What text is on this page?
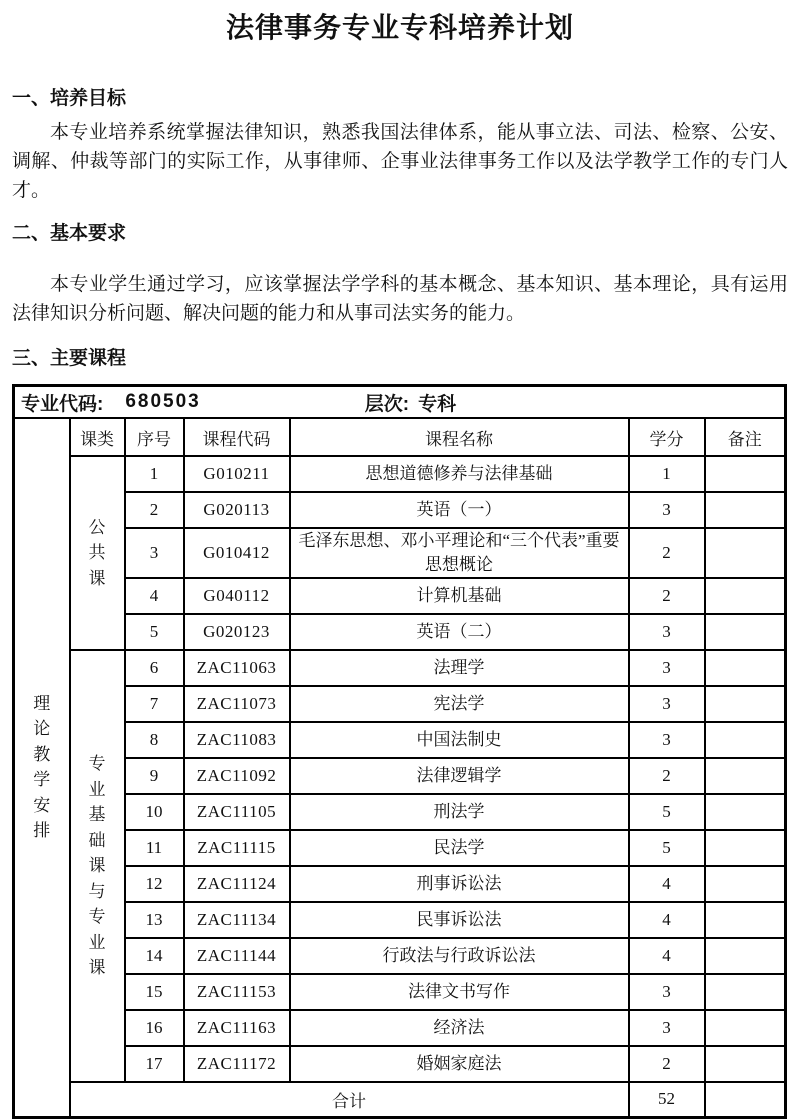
法律事务专业专科培养计划
一、培养目标

本专业培养系统掌握法律知识，熟悉我国法律体系，能从事立法、司法、检察、公安、调解、仲裁等部门的实际工作，从事律师、企事业法律事务工作以及法学教学工作的专门人才。

二、基本要求

本专业学生通过学习，应该掌握法学学科的基本概念、基本知识、基本理论，具有运用法律知识分析问题、解决问题的能力和从事司法实务的能力。

三、主要课程
专业代码: 680503 层次: 专科						

理论教学安排	课类	序号	课程代码	课程名称	学分	备注

	公共课	1	G010211	思想道德修养与法律基础	1	
		2	G020113	英语（一）	3	
		3	G010412	毛泽东思想、邓小平理论和“三个代表”重要思想概论	2	
		4	G040112	计算机基础	2	
		5	G020123	英语（二）	3	

	专业基础课与专业课	6	ZAC11063	法理学	3	
		7	ZAC11073	宪法学	3	
		8	ZAC11083	中国法制史	3	
		9	ZAC11092	法律逻辑学	2	
		10	ZAC11105	刑法学	5	
		11	ZAC11115	民法学	5	
		12	ZAC11124	刑事诉讼法	4	
		13	ZAC11134	民事诉讼法	4	
		14	ZAC11144	行政法与行政诉讼法	4	
		15	ZAC11153	法律文书写作	3	
		16	ZAC11163	经济法	3	
		17	ZAC11172	婚姻家庭法	2	
	合计				52	
